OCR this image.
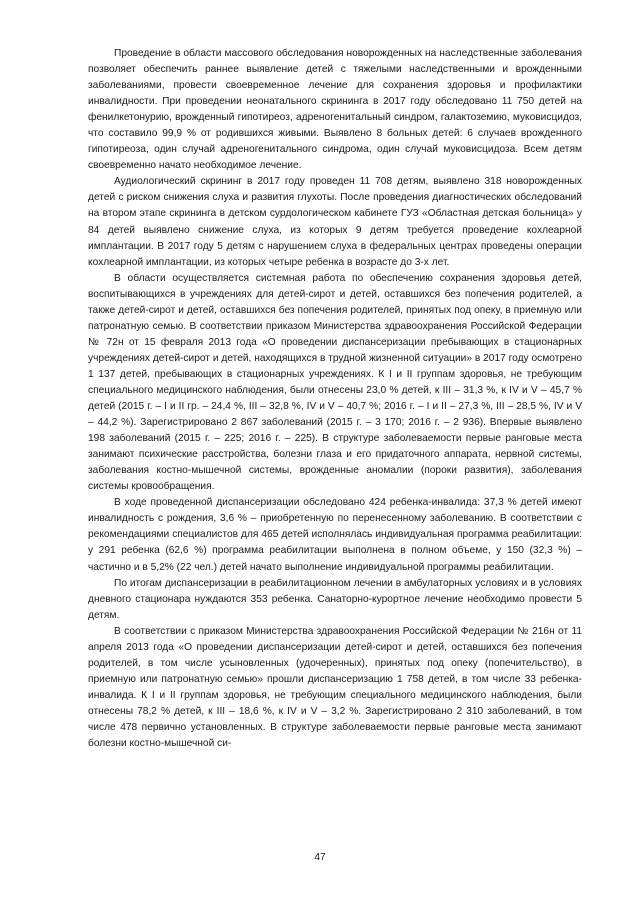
Проведение в области массового обследования новорожденных на наследственные заболевания позволяет обеспечить раннее выявление детей с тяжелыми наследственными и врожденными заболеваниями, провести своевременное лечение для сохранения здоровья и профилактики инвалидности. При проведении неонатального скрининга в 2017 году обследовано 11 750 детей на фенилкетонурию, врожденный гипотиреоз, адреногенитальный синдром, галактоземию, муковисцидоз, что составило 99,9 % от родившихся живыми. Выявлено 8 больных детей: 6 случаев врожденного гипотиреоза, один случай адреногенитального синдрома, один случай муковисцидоза. Всем детям своевременно начато необходимое лечение.

Аудиологический скрининг в 2017 году проведен 11 708 детям, выявлено 318 новорожденных детей с риском снижения слуха и развития глухоты. После проведения диагностических обследований на втором этапе скрининга в детском сурдологическом кабинете ГУЗ «Областная детская больница» у 84 детей выявлено снижение слуха, из которых 9 детям требуется проведение кохлеарной имплантации. В 2017 году 5 детям с нарушением слуха в федеральных центрах проведены операции кохлеарной имплантации, из которых четыре ребенка в возрасте до 3-х лет.

В области осуществляется системная работа по обеспечению сохранения здоровья детей, воспитывающихся в учреждениях для детей-сирот и детей, оставшихся без попечения родителей, а также детей-сирот и детей, оставшихся без попечения родителей, принятых под опеку, в приемную или патронатную семью. В соответствии приказом Министерства здравоохранения Российской Федерации № 72н от 15 февраля 2013 года «О проведении диспансеризации пребывающих в стационарных учреждениях детей-сирот и детей, находящихся в трудной жизненной ситуации» в 2017 году осмотрено 1 137 детей, пребывающих в стационарных учреждениях. К I и II группам здоровья, не требующим специального медицинского наблюдения, были отнесены 23,0 % детей, к III – 31,3 %, к IV и V – 45,7 % детей (2015 г. – I и II гр. – 24,4 %, III – 32,8 %, IV и V – 40,7 %; 2016 г. – I и II – 27,3 %, III – 28,5 %, IV и V – 44,2 %). Зарегистрировано 2 867 заболеваний (2015 г. – 3 170; 2016 г. – 2 936). Впервые выявлено 198 заболеваний (2015 г. – 225; 2016 г. – 225). В структуре заболеваемости первые ранговые места занимают психические расстройства, болезни глаза и его придаточного аппарата, нервной системы, заболевания костно-мышечной системы, врожденные аномалии (пороки развития), заболевания системы кровообращения.

В ходе проведенной диспансеризации обследовано 424 ребенка-инвалида: 37,3 % детей имеют инвалидность с рождения, 3,6 % – приобретенную по перенесенному заболеванию. В соответствии с рекомендациями специалистов для 465 детей исполнялась индивидуальная программа реабилитации: у 291 ребенка (62,6 %) программа реабилитации выполнена в полном объеме, у 150 (32,3 %) – частично и в 5,2% (22 чел.) детей начато выполнение индивидуальной программы реабилитации.

По итогам диспансеризации в реабилитационном лечении в амбулаторных условиях и в условиях дневного стационара нуждаются 353 ребенка. Санаторно-курортное лечение необходимо провести 5 детям.

В соответствии с приказом Министерства здравоохранения Российской Федерации № 216н от 11 апреля 2013 года «О проведении диспансеризации детей-сирот и детей, оставшихся без попечения родителей, в том числе усыновленных (удочеренных), принятых под опеку (попечительство), в приемную или патронатную семью» прошли диспансеризацию 1 758 детей, в том числе 33 ребенка-инвалида. К I и II группам здоровья, не требующим специального медицинского наблюдения, были отнесены 78,2 % детей, к III – 18,6 %, к IV и V – 3,2 %. Зарегистрировано 2 310 заболеваний, в том числе 478 первично установленных. В структуре заболеваемости первые ранговые места занимают болезни костно-мышечной си-

47
